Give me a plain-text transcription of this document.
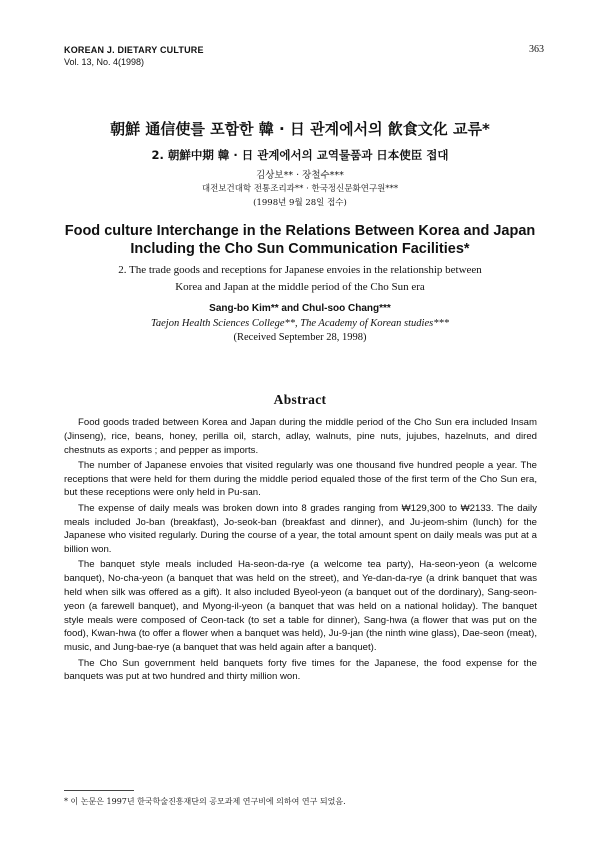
KOREAN J. DIETARY CULTURE
Vol. 13, No. 4(1998)
363
朝鮮 通信使를 포함한 韓 · 日 관계에서의 飮食文化 교류*
2. 朝鮮中期 韓 · 日 관계에서의 교역물품과 日本使臣 접대
김상보** · 장철수***
대전보건대학 전통조리과** · 한국정신문화연구원***
(1998년 9월 28일 접수)
Food culture Interchange in the Relations Between Korea and Japan
Including the Cho Sun Communication Facilities*
2. The trade goods and receptions for Japanese envoies in the relationship between
Korea and Japan at the middle period of the Cho Sun era
Sang-bo Kim** and Chul-soo Chang***
Taejon Health Sciences College**, The Academy of Korean studies***
(Received September 28, 1998)
Abstract

Food goods traded between Korea and Japan during the middle period of the Cho Sun era included Insam (Jinseng), rice, beans, honey, perilla oil, starch, adlay, walnuts, pine nuts, jujubes, hazelnuts, and dired chestnuts as exports ; and pepper as imports.

The number of Japanese envoies that visited regularly was one thousand five hundred people a year. The receptions that were held for them during the middle period equaled those of the first term of the Cho Sun era, but these receptions were only held in Pu-san.

The expense of daily meals was broken down into 8 grades ranging from ₩129,300 to ₩2133. The daily meals included Jo-ban (breakfast), Jo-seok-ban (breakfast and dinner), and Ju-jeom-shim (lunch) for the Japanese who visited regularly. During the course of a year, the total amount spent on daily meals was put at a billion won.

The banquet style meals included Ha-seon-da-rye (a welcome tea party), Ha-seon-yeon (a welcome banquet), No-cha-yeon (a banquet that was held on the street), and Ye-dan-da-rye (a drink banquet that was held when silk was offered as a gift). It also included Byeol-yeon (a banquet out of the dordinary), Sang-seon-yeon (a farewell banquet), and Myong-il-yeon (a banquet that was held on a national holiday). The banquet style meals were composed of Ceon-tack (to set a table for dinner), Sang-hwa (a flower that was put on the food), Kwan-hwa (to offer a flower when a banquet was held), Ju-9-jan (the ninth wine glass), Dae-seon (meat), music, and Jung-bae-rye (a banquet that was held again after a banquet).

The Cho Sun government held banquets forty five times for the Japanese, the food expense for the banquets was put at two hundred and thirty million won.

* 이 논문은 1997년 한국학술진흥재단의 공모과제 연구비에 의하여 연구 되었음.
